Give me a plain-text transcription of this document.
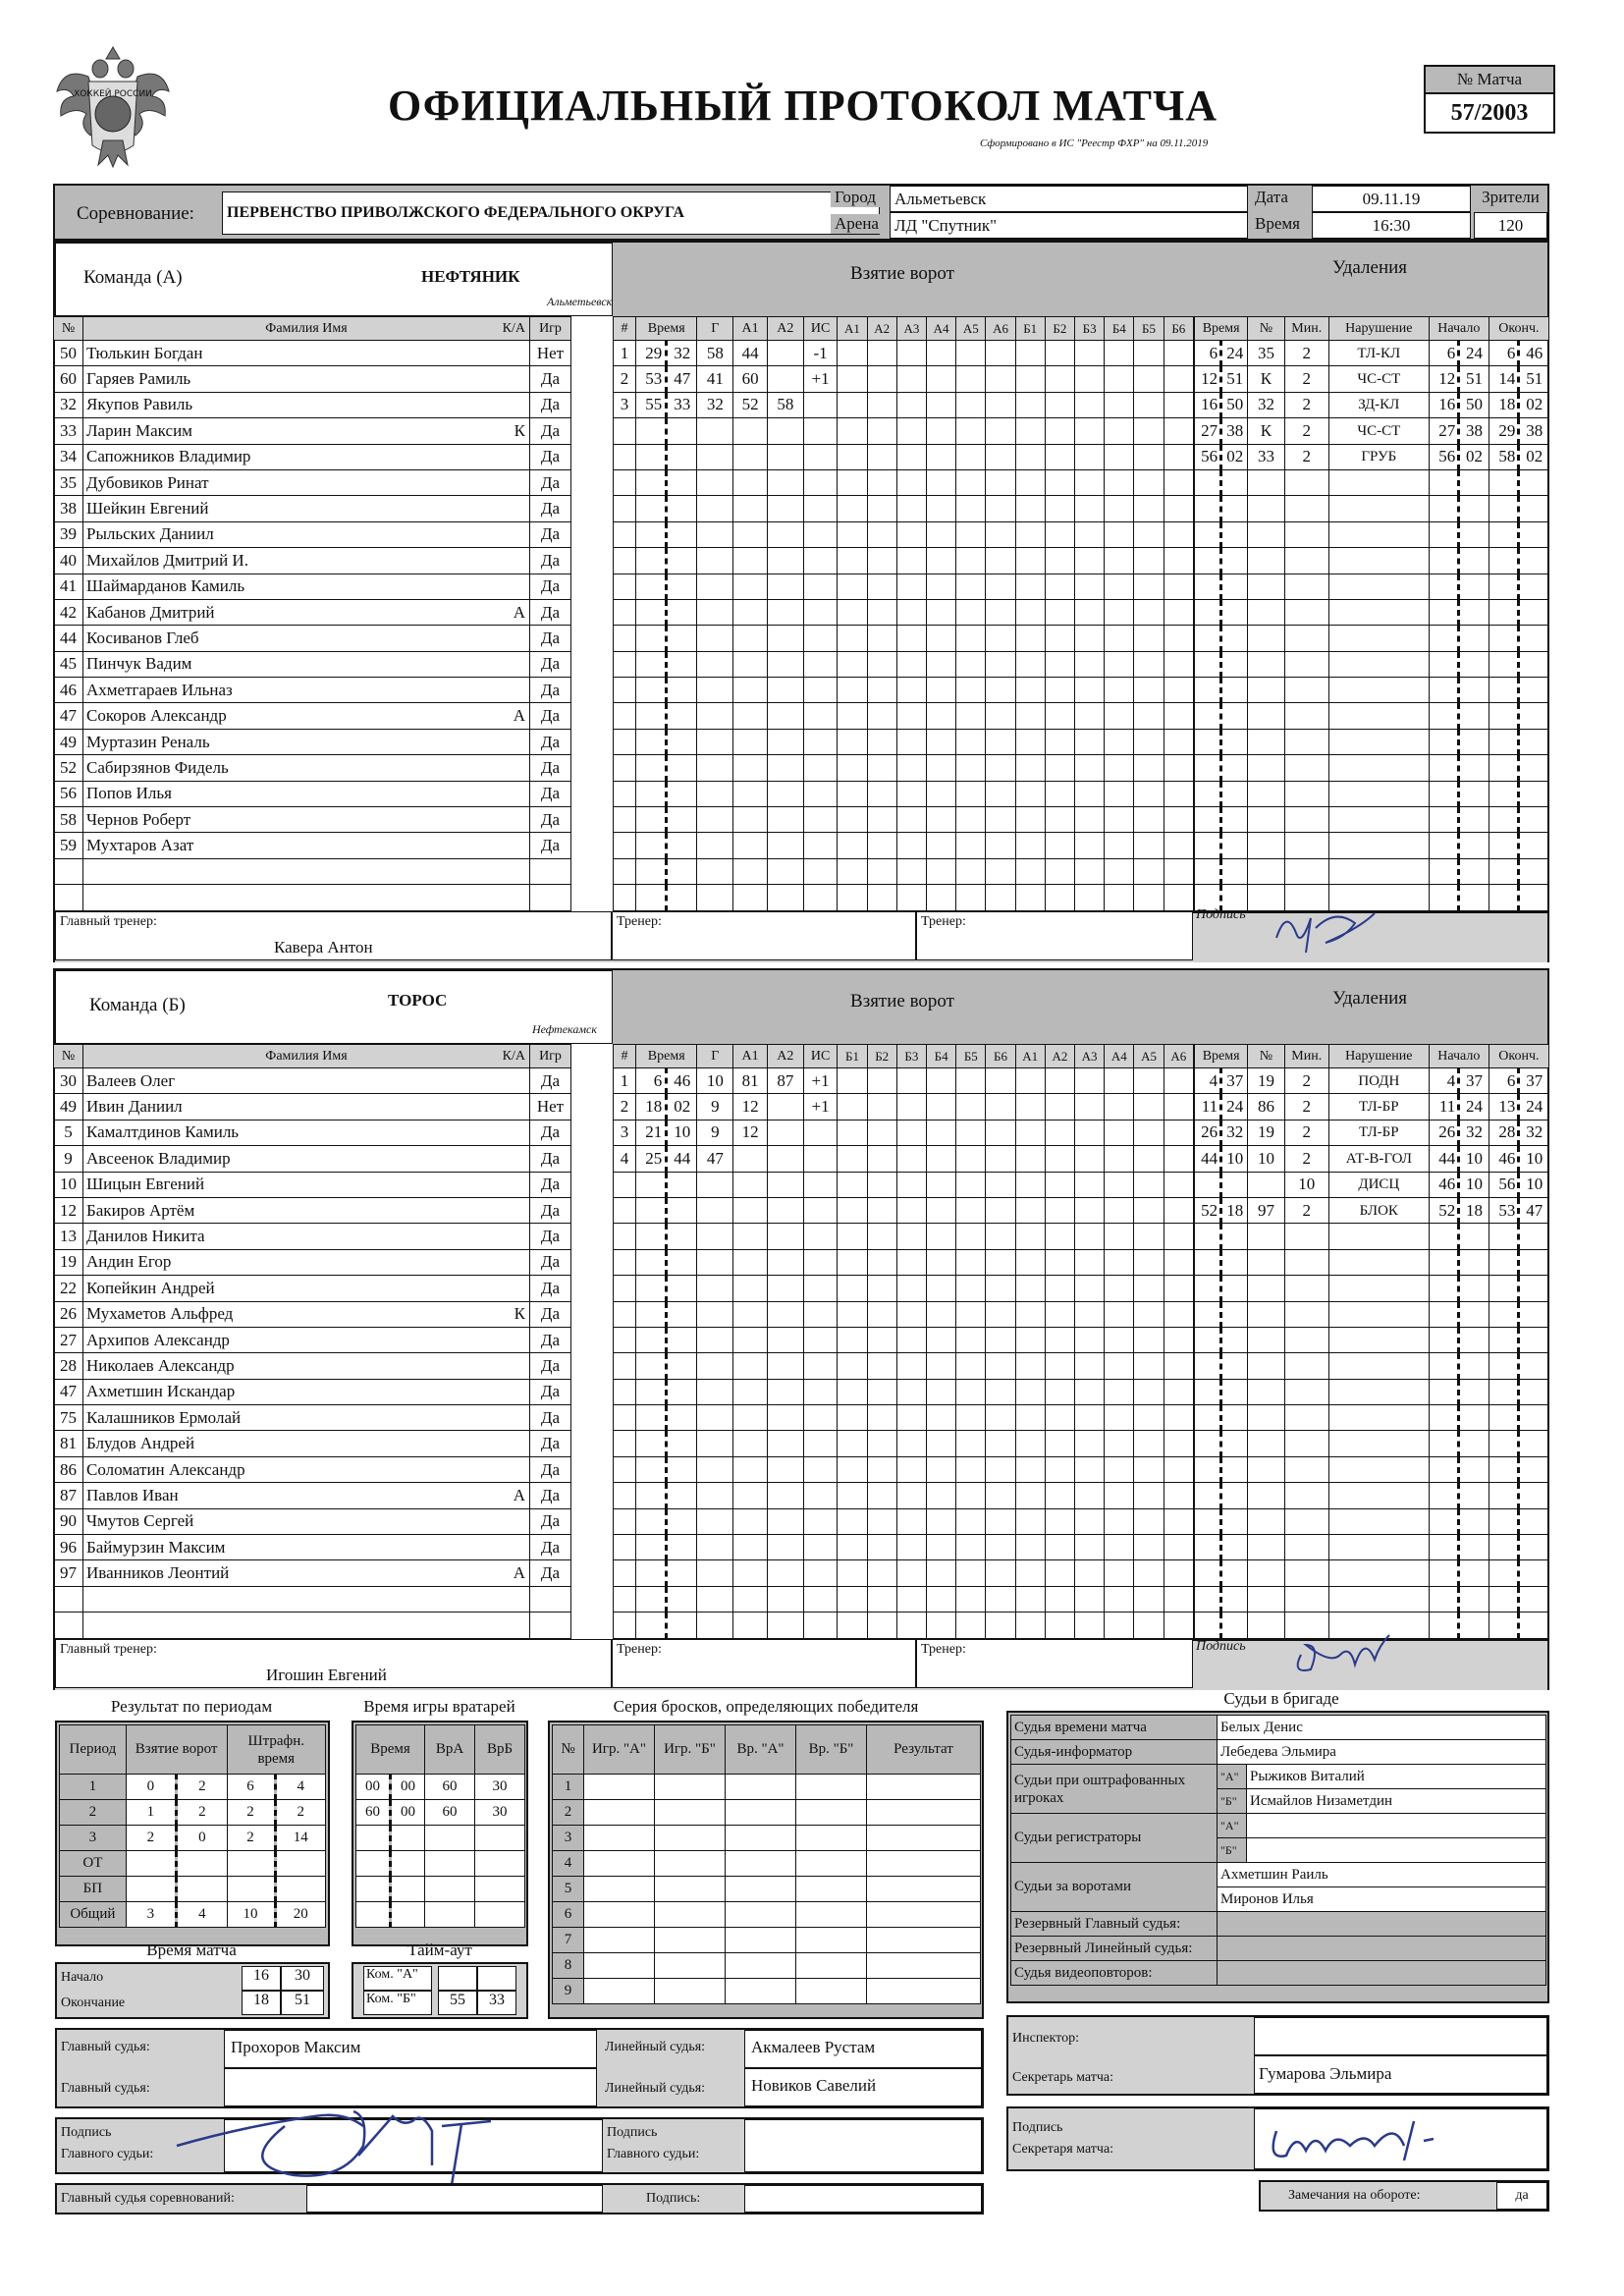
ХОККЕЙ РОССИИ	ОФИЦИАЛЬНЫЙ ПРОТОКОЛ МАТЧА
Сформировано в ИС "Реестр ФХР" на 09.11.2019
№ Матча
57/2003
Соревнование:	ПЕРВЕНСТВО ПРИВОЛЖСКОГО ФЕДЕРАЛЬНОГО ОКРУГА
Город Альметьевск
Арена ЛД "Спутник"
Дата	09.11.19
Время	16:30
Зрители
120
Команда (А)	НЕФТЯНИК
Альметьевск
Взятие ворот	Удаления
№	Фамилия Имя К/А		Игр
50	Тюлькин Богдан		Нет
60	Гаряев Рамиль		Да
32	Якупов Равиль		Да
33	Ларин Максим К		Да
34	Сапожников Владимир		Да
35	Дубовиков Ринат		Да
38	Шейкин Евгений		Да
39	Рыльских Даниил		Да
40	Михайлов Дмитрий И.		Да
41	Шаймарданов Камиль		Да
42	Кабанов Дмитрий А		Да
44	Косиванов Глеб		Да
45	Пинчук Вадим		Да
46	Ахметгараев Ильназ		Да
47	Сокоров Александр А		Да
49	Муртазин Реналь		Да
52	Сабирзянов Фидель		Да
56	Попов Илья		Да
58	Чернов Роберт		Да
59	Мухтаров Азат		Да

#	Время		Г	А1	А2	ИС	А1	А2	А3	А4	А5	А6	Б1	Б2	Б3	Б4	Б5	Б6
1	29	32	58	44		-1												
2	53	47	41	60		+1												
3	55	33	32	52	58													

Время		№	Мин.	Нарушение	Начало		Оконч.	
6	24	35	2	ТЛ-КЛ	6	24	6	46
12	51	К	2	ЧС-СТ	12	51	14	51
16	50	32	2	ЗД-КЛ	16	50	18	02
27	38	К	2	ЧС-СТ	27	38	29	38
56	02	33	2	ГРУБ	56	02	58	02

Главный тренер:
Кавера Антон
Тренер:	Тренер:	Подпись
Команда (Б)	ТОРОС
Нефтекамск
Взятие ворот	Удаления
№	Фамилия Имя К/А		Игр
30	Валеев Олег		Да
49	Ивин Даниил		Нет
5	Камалтдинов Камиль		Да
9	Авсеенок Владимир		Да
10	Шицын Евгений		Да
12	Бакиров Артём		Да
13	Данилов Никита		Да
19	Андин Егор		Да
22	Копейкин Андрей		Да
26	Мухаметов Альфред К		Да
27	Архипов Александр		Да
28	Николаев Александр		Да
47	Ахметшин Искандар		Да
75	Калашников Ермолай		Да
81	Блудов Андрей		Да
86	Соломатин Александр		Да
87	Павлов Иван А		Да
90	Чмутов Сергей		Да
96	Баймурзин Максим		Да
97	Иванников Леонтий А		Да

#	Время		Г	А1	А2	ИС	Б1	Б2	Б3	Б4	Б5	Б6	А1	А2	А3	А4	А5	А6
1	6	46	10	81	87	+1												
2	18	02	9	12		+1												
3	21	10	9	12														
4	25	44	47															

Время		№	Мин.	Нарушение	Начало		Оконч.	
4	37	19	2	ПОДН	4	37	6	37
11	24	86	2	ТЛ-БР	11	24	13	24
26	32	19	2	ТЛ-БР	26	32	28	32
44	10	10	2	АТ-В-ГОЛ	44	10	46	10
			10	ДИСЦ	46	10	56	10
52	18	97	2	БЛОК	52	18	53	47

Главный тренер:
Игошин Евгений
Тренер:	Тренер:	Подпись
Результат по периодам	Время игры вратарей	Серия бросков, определяющих победителя	Судьи в бригаде
Период	Взятие ворот		Штрафн. время	
1	0	2	6	4
2	1	2	2	2
3	2	0	2	14
ОТ				
БП				
Общий	3	4	10	20
Время		ВрА	ВрБ
00	00	60	30
60	00	60	30

Время матча
Начало	16	30
Окончание	18	51
Тайм-аут
Ком. "А"
Ком. "Б"	55	33
№	Игр. "А"	Игр. "Б"	Вр. "А"	Вр. "Б"	Результат
1					
2					
3					
4					
5					
6					
7					
8					
9					
Судья времени матча	Белых Денис	
Судья-информатор	Лебедева Эльмира	
Судьи при оштрафованных игроках	"А"	Рыжиков Виталий
	"Б"	Исмайлов Низаметдин
Судьи регистраторы	"А"	
	"Б"	
Судьи за воротами	Ахметшин Раиль	
	Миронов Илья	
Резервный Главный судья:		
Резервный Линейный судья:		
Судья видеоповторов:		
Главный судья:	Прохоров Максим
Главный судья:
Линейный судья:	Акмалеев Рустам
Линейный судья:	Новиков Савелий
Инспектор:
Секретарь матча:	Гумарова Эльмира
Подпись
Главного судьи:
Подпись
Главного судьи:
Подпись
Секретаря матча:
Главный судья соревнований:	Подпись:	Замечания на обороте:	да
